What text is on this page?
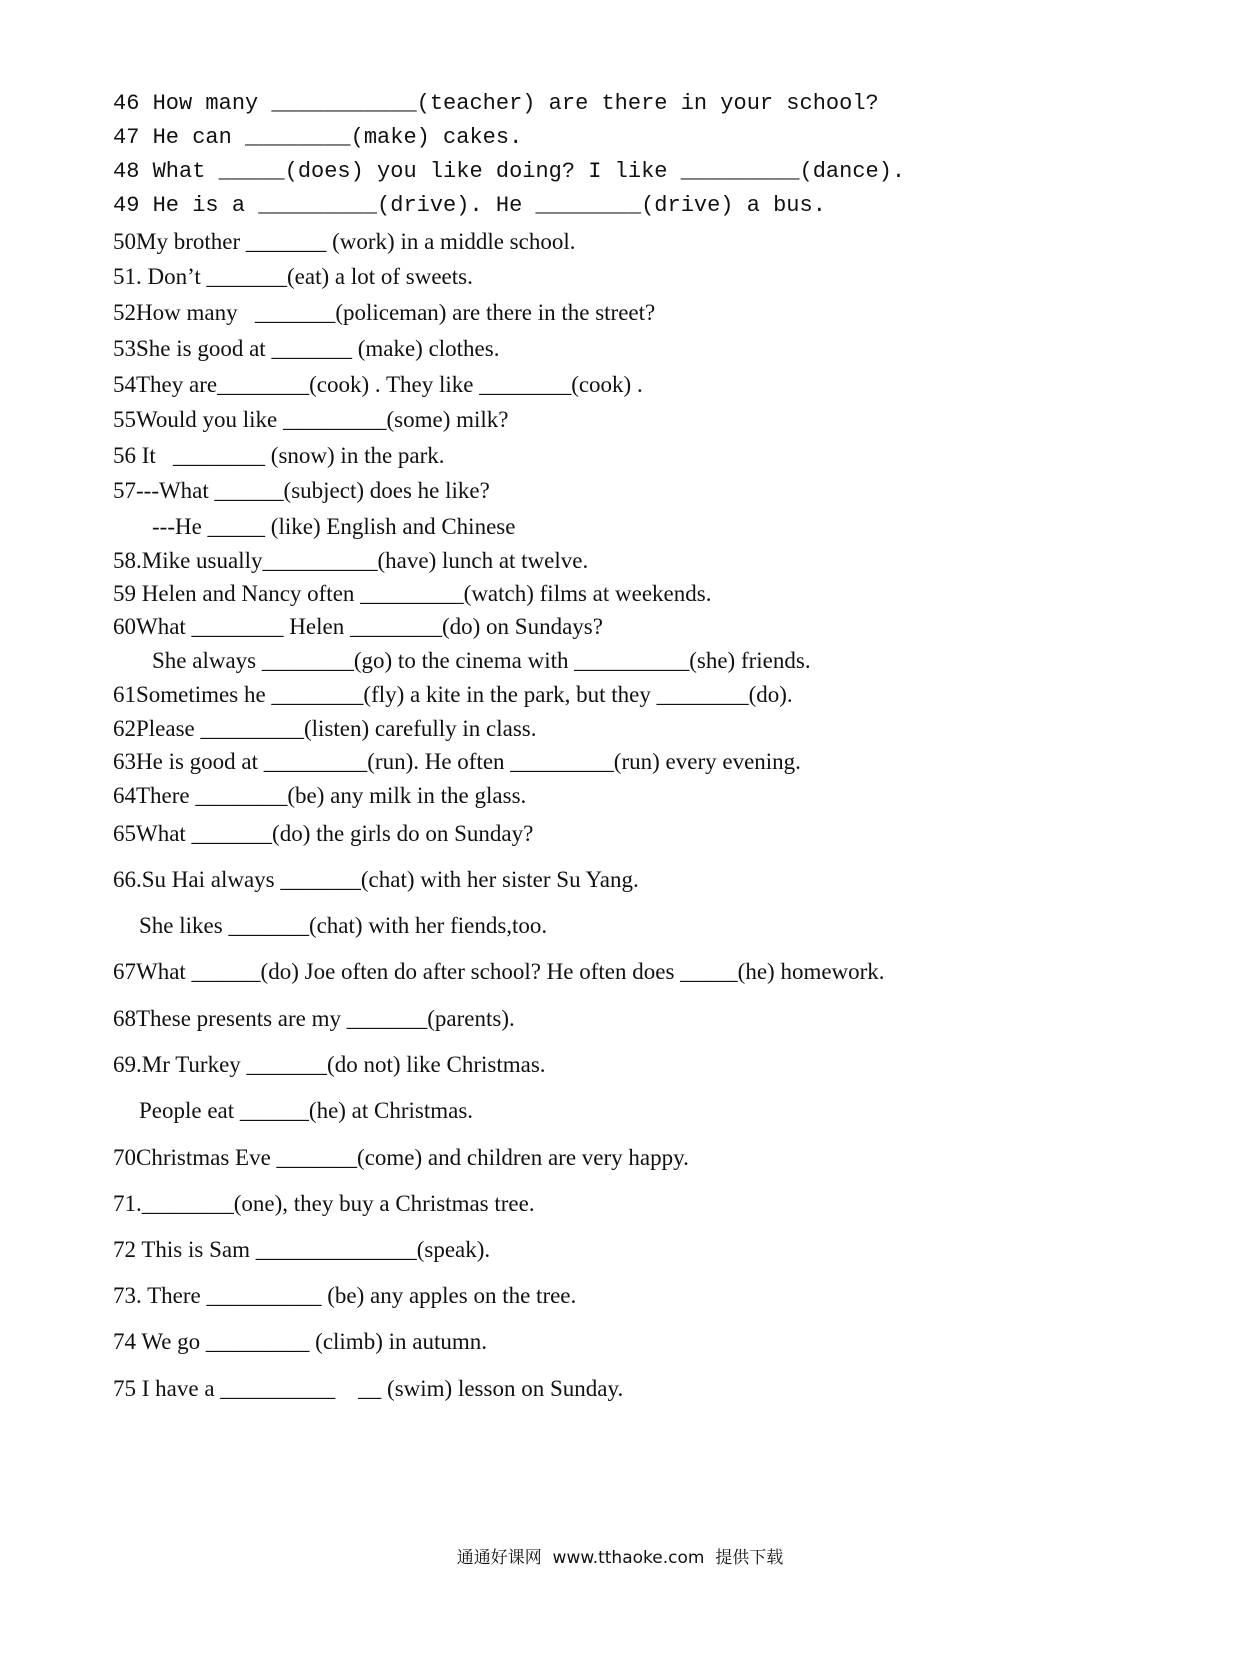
46 How many ___________(teacher) are there in your school?

47 He can ________(make) cakes.

48 What _____(does) you like doing? I like _________(dance).

49 He is a _________(drive). He ________(drive) a bus.

50My brother _______ (work) in a middle school.

51. Don’t _______(eat) a lot of sweets.

52How many   _______(policeman) are there in the street?

53She is good at _______ (make) clothes.

54They are________(cook) . They like ________(cook) .

55Would you like _________(some) milk?

56 It   ________ (snow) in the park.

57---What ______(subject) does he like?

---He _____ (like) English and Chinese

58.Mike usually__________(have) lunch at twelve.

59 Helen and Nancy often _________(watch) films at weekends.

60What ________ Helen ________(do) on Sundays?

She always ________(go) to the cinema with __________(she) friends.

61Sometimes he ________(fly) a kite in the park, but they ________(do).

62Please _________(listen) carefully in class.

63He is good at _________(run). He often _________(run) every evening.

64There ________(be) any milk in the glass.

65What _______(do) the girls do on Sunday?

66.Su Hai always _______(chat) with her sister Su Yang.

She likes _______(chat) with her fiends,too.

67What ______(do) Joe often do after school? He often does _____(he) homework.

68These presents are my _______(parents).

69.Mr Turkey _______(do not) like Christmas.

People eat ______(he) at Christmas.

70Christmas Eve _______(come) and children are very happy.

71.________(one), they buy a Christmas tree.

72 This is Sam ______________(speak).

73. There __________ (be) any apples on the tree.

74 We go _________ (climb) in autumn.

75 I have a __________    __ (swim) lesson on Sunday.

通通好课网  www.tthaoke.com  提供下载
